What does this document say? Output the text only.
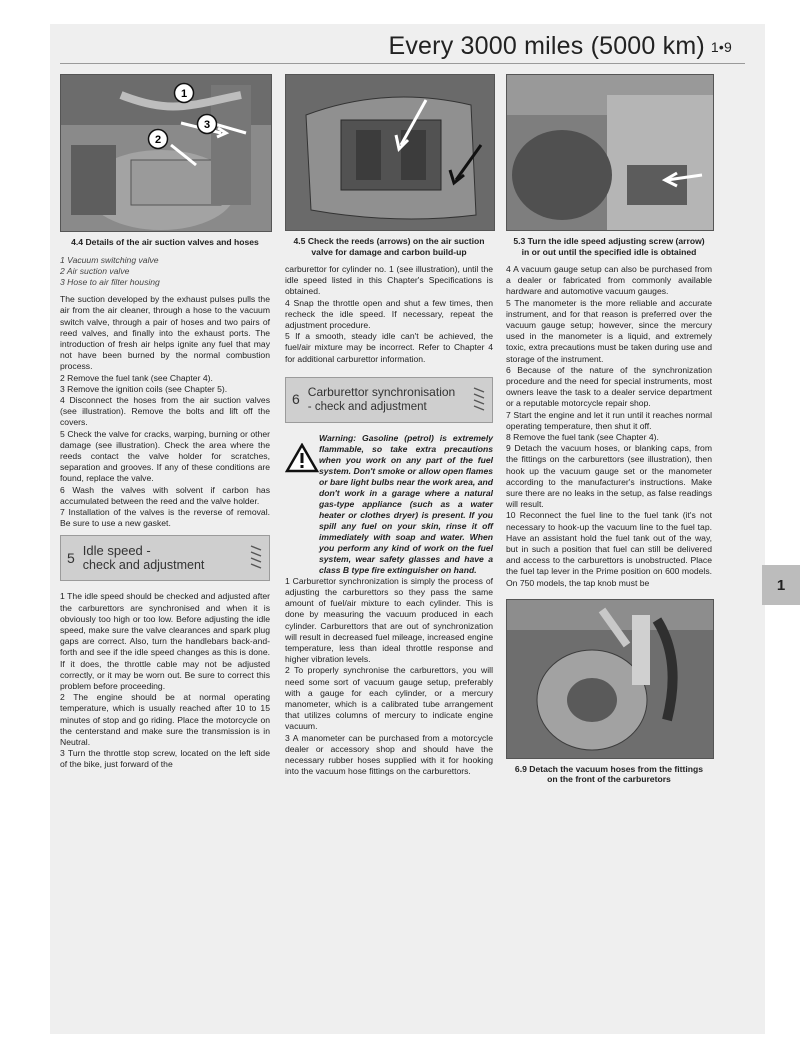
Every 3000 miles (5000 km) 1•9
1
2
3
4.4 Details of the air suction valves and hoses
1 Vacuum switching valve
2 Air suction valve
3 Hose to air filter housing

The suction developed by the exhaust pulses pulls the air from the air cleaner, through a hose to the vacuum switch valve, through a pair of hoses and two pairs of reed valves, and finally into the exhaust ports. The introduction of fresh air helps ignite any fuel that may not have been burned by the normal combustion process.

2 Remove the fuel tank (see Chapter 4).

3 Remove the ignition coils (see Chapter 5).

4 Disconnect the hoses from the air suction valves (see illustration). Remove the bolts and lift off the covers.

5 Check the valve for cracks, warping, burning or other damage (see illustration). Check the area where the reeds contact the valve holder for scratches, separation and grooves. If any of these conditions are found, replace the valve.

6 Wash the valves with solvent if carbon has accumulated between the reed and the valve holder.

7 Installation of the valves is the reverse of removal. Be sure to use a new gasket.

5 Idle speed -
check and adjustment

1 The idle speed should be checked and adjusted after the carburettors are synchronised and when it is obviously too high or too low. Before adjusting the idle speed, make sure the valve clearances and spark plug gaps are correct. Also, turn the handlebars back-and-forth and see if the idle speed changes as this is done. If it does, the throttle cable may not be adjusted correctly, or it may be worn out. Be sure to correct this problem before proceeding.

2 The engine should be at normal operating temperature, which is usually reached after 10 to 15 minutes of stop and go riding. Place the motorcycle on the centerstand and make sure the transmission is in Neutral.

3 Turn the throttle stop screw, located on the left side of the bike, just forward of the

4.5 Check the reeds (arrows) on the air suction valve for damage and carbon build-up

carburettor for cylinder no. 1 (see illustration), until the idle speed listed in this Chapter's Specifications is obtained.

4 Snap the throttle open and shut a few times, then recheck the idle speed. If necessary, repeat the adjustment procedure.

5 If a smooth, steady idle can't be achieved, the fuel/air mixture may be incorrect. Refer to Chapter 4 for additional carburettor information.

6 Carburettor synchronisation
- check and adjustment
Warning: Gasoline (petrol) is extremely flammable, so take extra precautions when you work on any part of the fuel system. Don't smoke or allow open flames or bare light bulbs near the work area, and don't work in a garage where a natural gas-type appliance (such as a water heater or clothes dryer) is present. If you spill any fuel on your skin, rinse it off immediately with soap and water. When you perform any kind of work on the fuel system, wear safety glasses and have a class B type fire extinguisher on hand.

1 Carburettor synchronization is simply the process of adjusting the carburettors so they pass the same amount of fuel/air mixture to each cylinder. This is done by measuring the vacuum produced in each cylinder. Carburettors that are out of synchronization will result in decreased fuel mileage, increased engine temperature, less than ideal throttle response and higher vibration levels.

2 To properly synchronise the carburettors, you will need some sort of vacuum gauge setup, preferably with a gauge for each cylinder, or a mercury manometer, which is a calibrated tube arrangement that utilizes columns of mercury to indicate engine vacuum.

3 A manometer can be purchased from a motorcycle dealer or accessory shop and should have the necessary rubber hoses supplied with it for hooking into the vacuum hose fittings on the carburettors.

5.3 Turn the idle speed adjusting screw (arrow) in or out until the specified idle is obtained

4 A vacuum gauge setup can also be purchased from a dealer or fabricated from commonly available hardware and automotive vacuum gauges.

5 The manometer is the more reliable and accurate instrument, and for that reason is preferred over the vacuum gauge setup; however, since the mercury used in the manometer is a liquid, and extremely toxic, extra precautions must be taken during use and storage of the instrument.

6 Because of the nature of the synchronization procedure and the need for special instruments, most owners leave the task to a dealer service department or a reputable motorcycle repair shop.

7 Start the engine and let it run until it reaches normal operating temperature, then shut it off.

8 Remove the fuel tank (see Chapter 4).

9 Detach the vacuum hoses, or blanking caps, from the fittings on the carburettors (see illustration), then hook up the vacuum gauge set or the manometer according to the manufacturer's instructions. Make sure there are no leaks in the setup, as false readings will result.

10 Reconnect the fuel line to the fuel tank (it's not necessary to hook-up the vacuum line to the fuel tap. Have an assistant hold the fuel tank out of the way, but in such a position that fuel can still be delivered and access to the carburettors is unobstructed. Place the fuel tap lever in the Prime position on 600 models. On 750 models, the tap knob must be

6.9 Detach the vacuum hoses from the fittings on the front of the carburetors
1
